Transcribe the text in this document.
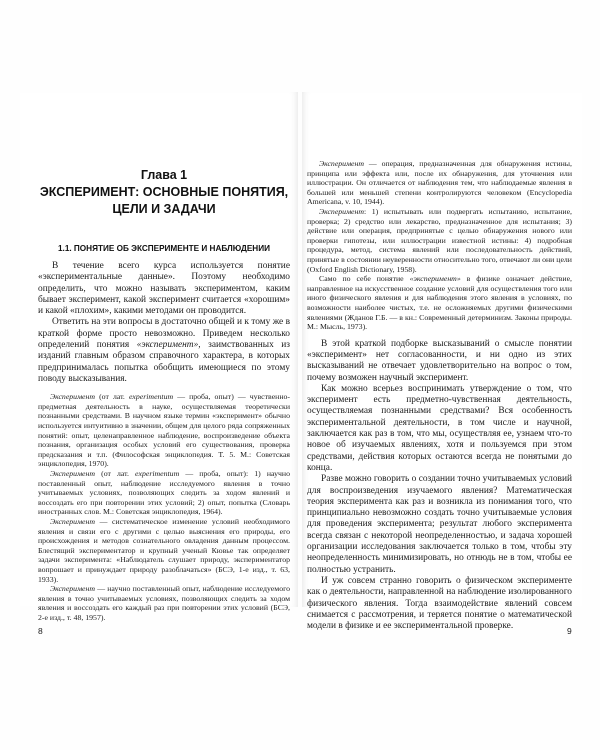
Глава 1
ЭКСПЕРИМЕНТ: ОСНОВНЫЕ ПОНЯТИЯ,
ЦЕЛИ И ЗАДАЧИ
1.1. ПОНЯТИЕ ОБ ЭКСПЕРИМЕНТЕ И НАБЛЮДЕНИИ

В течение всего курса используется понятие «экспериментальные данные». Поэтому необходимо определить, что можно называть экспериментом, каким бывает эксперимент, какой эксперимент считается «хорошим» и какой «плохим», какими методами он проводится.

Ответить на эти вопросы в достаточно общей и к тому же в краткой форме просто невозможно. Приведем несколько определений понятия «эксперимент», заимствованных из изданий главным образом справочного характера, в которых предпринималась попытка обобщить имеющиеся по этому поводу высказывания.

Эксперимент (от лат. experimentum — проба, опыт) — чувственно-предметная деятельность в науке, осуществляемая теоретически познанными средствами. В научном языке термин «эксперимент» обычно используется интуитивно в значении, общем для целого ряда сопряженных понятий: опыт, целенаправленное наблюдение, воспроизведение объекта познания, организация особых условий его существования, проверка предсказания и т.п. (Философская энциклопедия. Т. 5. М.: Советская энциклопедия, 1970).

Эксперимент (от лат. experimentum — проба, опыт): 1) научно поставленный опыт, наблюдение исследуемого явления в точно учитываемых условиях, позволяющих следить за ходом явлений и воссоздать его при повторении этих условий; 2) опыт, попытка (Словарь иностранных слов. М.: Советская энциклопедия, 1964).

Эксперимент — систематическое изменение условий необходимого явления и связи его с другими с целью выяснения его природы, его происхождения и методов сознательного овладения данным процессом. Блестящий экспериментатор и крупный ученый Кювье так определяет задачи эксперимента: «Наблюдатель слушает природу, экспериментатор вопрошает и принуждает природу разоблачаться» (БСЭ, 1-е изд., т. 63, 1933).

Эксперимент — научно поставленный опыт, наблюдение исследуемого явления в точно учитываемых условиях, позволяющих следить за ходом явления и воссоздать его каждый раз при повторении этих условий (БСЭ, 2-е изд., т. 48, 1957).

Эксперимент — операция, предназначенная для обнаружения истины, принципа или эффекта или, после их обнаружения, для уточнения или иллюстрации. Он отличается от наблюдения тем, что наблюдаемые явления в большей или меньшей степени контролируются человеком (Encyclopedia Americana, v. 10, 1944).

Эксперимент: 1) испытывать или подвергать испытанию, испытание, проверка; 2) средство или лекарство, предназначенное для испытания; 3) действие или операция, предпринятые с целью обнаружения нового или проверки гипотезы, или иллюстрации известной истины: 4) подробная процедура, метод, система явлений или последовательность действий, принятые в состоянии неуверенности относительно того, отвечают ли они цели (Oxford English Dictionary, 1958).

Само по себе понятие «эксперимент» в физике означает действие, направленное на искусственное создание условий для осуществления того или иного физического явления и для наблюдения этого явления в условиях, по возможности наиболее чистых, т.е. не осложняемых другими физическими явлениями (Жданов Г.Б. — в кн.: Современный детерминизм. Законы природы. М.: Мысль, 1973).

В этой краткой подборке высказываний о смысле понятии «эксперимент» нет согласованности, и ни одно из этих высказываний не отвечает удовлетворительно на вопрос о том, почему возможен научный эксперимент.

Как можно всерьез воспринимать утверждение о том, что эксперимент есть предметно-чувственная деятельность, осуществляемая познанными средствами? Вся особенность экспериментальной деятельности, в том числе и научной, заключается как раз в том, что мы, осуществляя ее, узнаем что-то новое об изучаемых явлениях, хотя и пользуемся при этом средствами, действия которых остаются всегда не понятыми до конца.

Разве можно говорить о создании точно учитываемых условий для воспроизведения изучаемого явления? Математическая теория эксперимента как раз и возникла из понимания того, что принципиально невозможно создать точно учитываемые условия для проведения эксперимента; результат любого эксперимента всегда связан с некоторой неопределенностью, и задача хорошей организации исследования заключается только в том, чтобы эту неопределенность минимизировать, но отнюдь не в том, чтобы ее полностью устранить.

И уж совсем странно говорить о физическом эксперименте как о деятельности, направленной на наблюдение изолированного физического явления. Тогда взаимодействие явлений совсем снимается с рассмотрения, и теряется понятие о математической модели в физике и ее экспериментальной проверке.

8	9
